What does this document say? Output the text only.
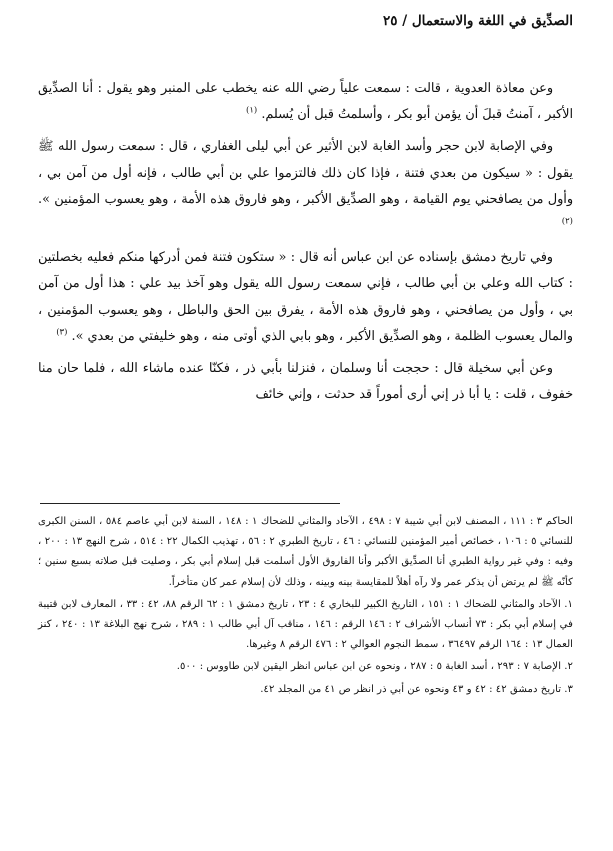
الصدِّيق في اللغة والاستعمال / ٢٥

وعن معاذة العدوية ، قالت : سمعت علياً رضي الله عنه يخطب على المنبر وهو يقول : أنا الصدِّيق الأكبر ، آمنتُ قبلَ أن يؤمن أبو بكر ، وأسلمتُ قبل أن يُسلم. $^{(١)}$

وفي الإصابة لابن حجر وأسد الغابة لابن الأثير عن أبي ليلى الغفاري ، قال : سمعت رسول الله ﷺ يقول : « سيكون من بعدي فتنة ، فإذا كان ذلك فالتزموا علي بن أبي طالب ، فإنه أول من آمن بي ، وأول من يصافحني يوم القيامة ، وهو الصدِّيق الأكبر ، وهو فاروق هذه الأمة ، وهو يعسوب المؤمنين ». $^{(٢)}$

وفي تاريخ دمشق بإسناده عن ابن عباس أنه قال : « ستكون فتنة فمن أدركها منكم فعليه بخصلتين : كتاب الله وعلي بن أبي طالب ، فإني سمعت رسول الله يقول وهو آخذ بيد علي : هذا أول من آمن بي ، وأول من يصافحني ، وهو فاروق هذه الأمة ، يفرق بين الحق والباطل ، وهو يعسوب المؤمنين ، والمال يعسوب الظلمة ، وهو الصدِّيق الأكبر ، وهو بابي الذي أوتى منه ، وهو خليفتي من بعدي ». $^{(٣)}$

وعن أبي سخيلة قال : حججت أنا وسلمان ، فنزلنا بأبي ذر ، فكنّا عنده ماشاء الله ، فلما حان منا خفوف ، قلت : يا أبا ذر إني أرى أموراً قد حدثت ، وإني خائف

الحاكم ٣ : ١١١ ، المصنف لابن أبي شيبة ٧ : ٤٩٨ ، الآحاد والمثاني للضحاك ١ : ١٤٨ ، السنة لابن أبي عاصم ٥٨٤ ، السنن الكبرى للنسائي ٥ : ١٠٦ ، خصائص أمير المؤمنين للنسائي : ٤٦ ، تاريخ الطبري ٢ : ٥٦ ، تهذيب الكمال ٢٢ : ٥١٤ ، شرح النهج ١٣ : ٢٠٠ ، وفيه : وفي غير رواية الطبري أنا الصدِّيق الأكبر وأنا الفاروق الأول أسلمت قبل إسلام أبي بكر ، وصليت قبل صلاته بسبع سنين ؛ كأنّه ﷺ لم يرتض أن يذكر عمر ولا رآه أهلاً للمقايسة بينه وبينه ، وذلك لأن إسلام عمر كان متأخراً.

١. الآحاد والمثاني للضحاك ١ : ١٥١ ، التاريخ الكبير للبخاري ٤ : ٢٣ ، تاريخ دمشق ١ : ٦٢ الرقم ٨٨، ٤٢ : ٣٣ ، المعارف لابن قتيبة في إسلام أبي بكر : ٧٣ أنساب الأشراف ٢ : ١٤٦ الرقم : ١٤٦ ، مناقب آل أبي طالب ١ : ٢٨٩ ، شرح نهج البلاغة ١٣ : ٢٤٠ ، كنز العمال ١٣ : ١٦٤ الرقم ٣٦٤٩٧ ، سمط النجوم العوالي ٢ : ٤٧٦ الرقم ٨ وغيرها.

٢. الإصابة ٧ : ٢٩٣ ، أسد الغابة ٥ : ٢٨٧ ، ونحوه عن ابن عباس انظر اليقين لابن طاووس : ٥٠٠.

٣. تاريخ دمشق ٤٢ : ٤٢ و ٤٣ ونحوه عن أبي ذر انظر ص ٤١ من المجلد ٤٢.
